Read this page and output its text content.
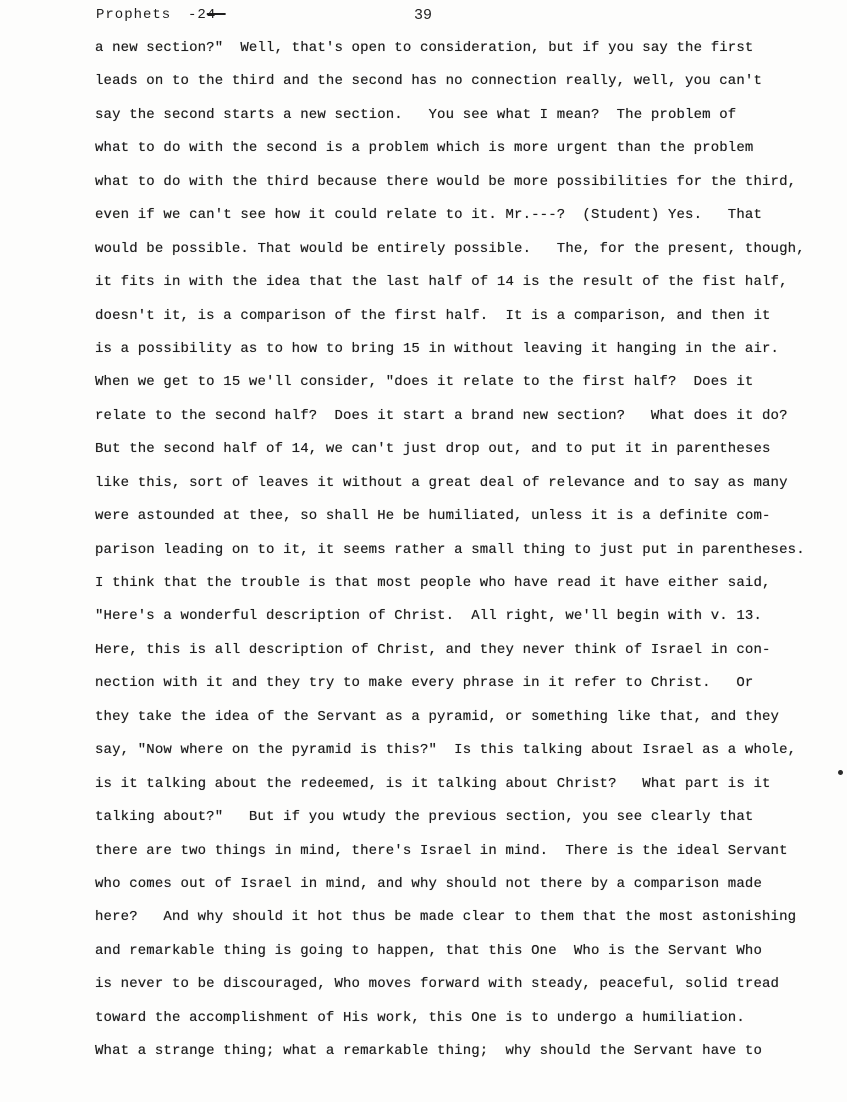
Prophets -24-	39
a new section?"  Well, that's open to consideration, but if you say the first
leads on to the third and the second has no connection really, well, you can't
say the second starts a new section.   You see what I mean?  The problem of
what to do with the second is a problem which is more urgent than the problem
what to do with the third because there would be more possibilities for the third,
even if we can't see how it could relate to it. Mr.---?  (Student) Yes.   That
would be possible. That would be entirely possible.   The, for the present, though,
it fits in with the idea that the last half of 14 is the result of the fist half,
doesn't it, is a comparison of the first half.  It is a comparison, and then it
is a possibility as to how to bring 15 in without leaving it hanging in the air.
When we get to 15 we'll consider, "does it relate to the first half?  Does it
relate to the second half?  Does it start a brand new section?   What does it do?
But the second half of 14, we can't just drop out, and to put it in parentheses
like this, sort of leaves it without a great deal of relevance and to say as many
were astounded at thee, so shall He be humiliated, unless it is a definite com-
parison leading on to it, it seems rather a small thing to just put in parentheses.
I think that the trouble is that most people who have read it have either said,
"Here's a wonderful description of Christ.  All right, we'll begin with v. 13.
Here, this is all description of Christ, and they never think of Israel in con-
nection with it and they try to make every phrase in it refer to Christ.   Or
they take the idea of the Servant as a pyramid, or something like that, and they
say, "Now where on the pyramid is this?"  Is this talking about Israel as a whole,
is it talking about the redeemed, is it talking about Christ?   What part is it
talking about?"   But if you wtudy the previous section, you see clearly that
there are two things in mind, there's Israel in mind.  There is the ideal Servant
who comes out of Israel in mind, and why should not there by a comparison made
here?   And why should it hot thus be made clear to them that the most astonishing
and remarkable thing is going to happen, that this One  Who is the Servant Who
is never to be discouraged, Who moves forward with steady, peaceful, solid tread
toward the accomplishment of His work, this One is to undergo a humiliation.
What a strange thing; what a remarkable thing;  why should the Servant have to
